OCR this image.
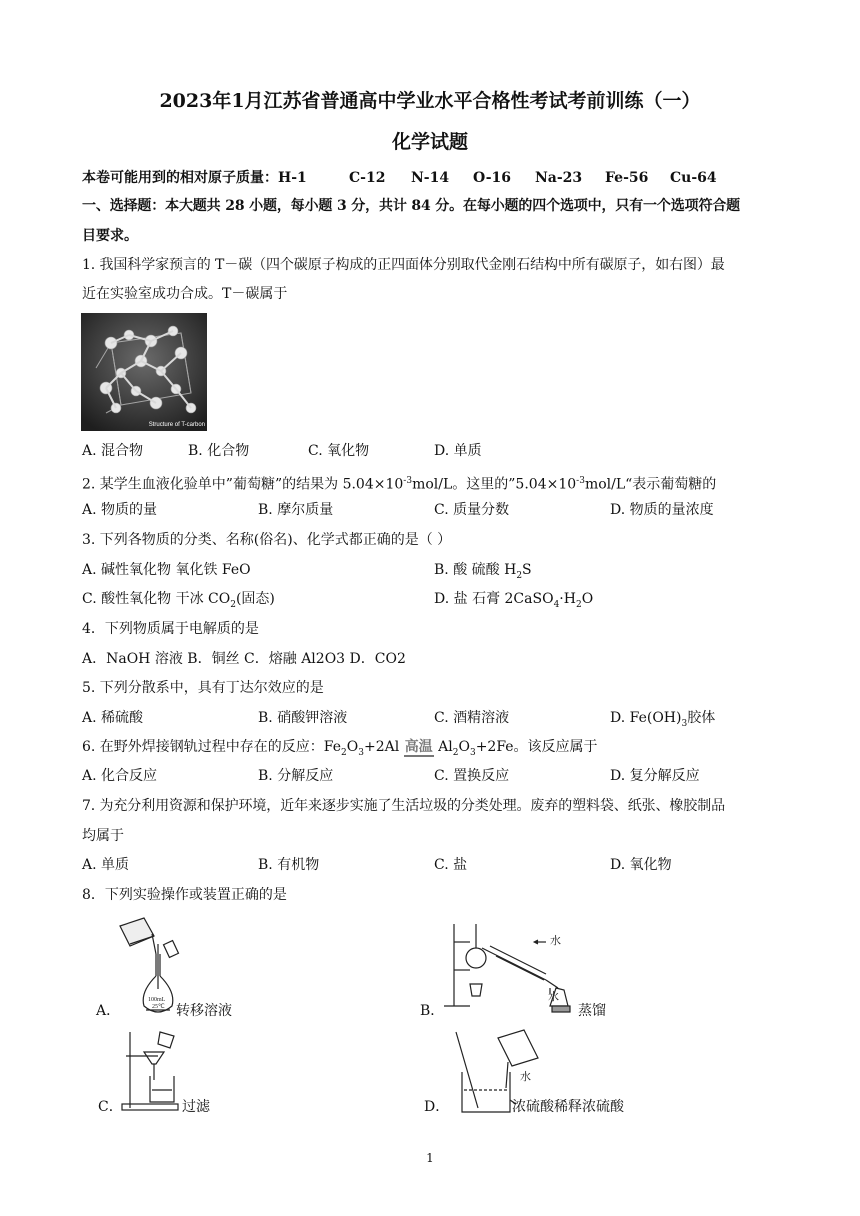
2023年1月江苏省普通高中学业水平合格性考试考前训练（一）
化学试题
本卷可能用到的相对原子质量：H-1	C-12 N-14 O-16 Na-23 Fe-56 Cu-64
一、选择题：本大题共 28 小题，每小题 3 分，共计 84 分。在每小题的四个选项中，只有一个选项符合题
目要求。
1. 我国科学家预言的 T－碳（四个碳原子构成的正四面体分别取代金刚石结构中所有碳原子，如右图）最
近在实验室成功合成。T－碳属于
Structure of T-carbon
A. 混合物	B. 化合物	C. 氧化物	D. 单质
2. 某学生血液化验单中”葡萄糖”的结果为 $5.04\times 10^{-3}mol/L$。这里的$”5.04\times 10^{-3}mol/L“$表示葡萄糖的
A. 物质的量	B. 摩尔质量	C. 质量分数	D. 物质的量浓度
3. 下列各物质的分类、名称(俗名)、化学式都正确的是（ ）
A. 碱性氧化物 氧化铁 FeO	B. 酸 硫酸 $H_2S$
C. 酸性氧化物 干冰 $CO_2$(固态)	D. 盐 石膏 $2CaSO_4\cdot H_2O$
4．下列物质属于电解质的是
A．NaOH 溶液 B．铜丝 C．熔融 Al2O3 D．CO2
5. 下列分散系中，具有丁达尔效应的是
A. 稀硫酸	B. 硝酸钾溶液	C. 酒精溶液	D. $Fe(OH)_3$胶体
6. 在野外焊接钢轨过程中存在的反应：$Fe_2O_3+2Al$ 高温 $Al_2O_3+2Fe$。该反应属于
A. 化合反应	B. 分解反应	C. 置换反应	D. 复分解反应
7. 为充分利用资源和保护环境，近年来逐步实施了生活垃圾的分类处理。废弃的塑料袋、纸张、橡胶制品
均属于
A. 单质	B. 有机物	C. 盐	D. 氧化物
8．下列实验操作或装置正确的是
A．
100mL
25℃ 转移溶液	B．
水
水
蒸馏
C．	过滤	D．
水
浓硫酸稀释浓硫酸
1
